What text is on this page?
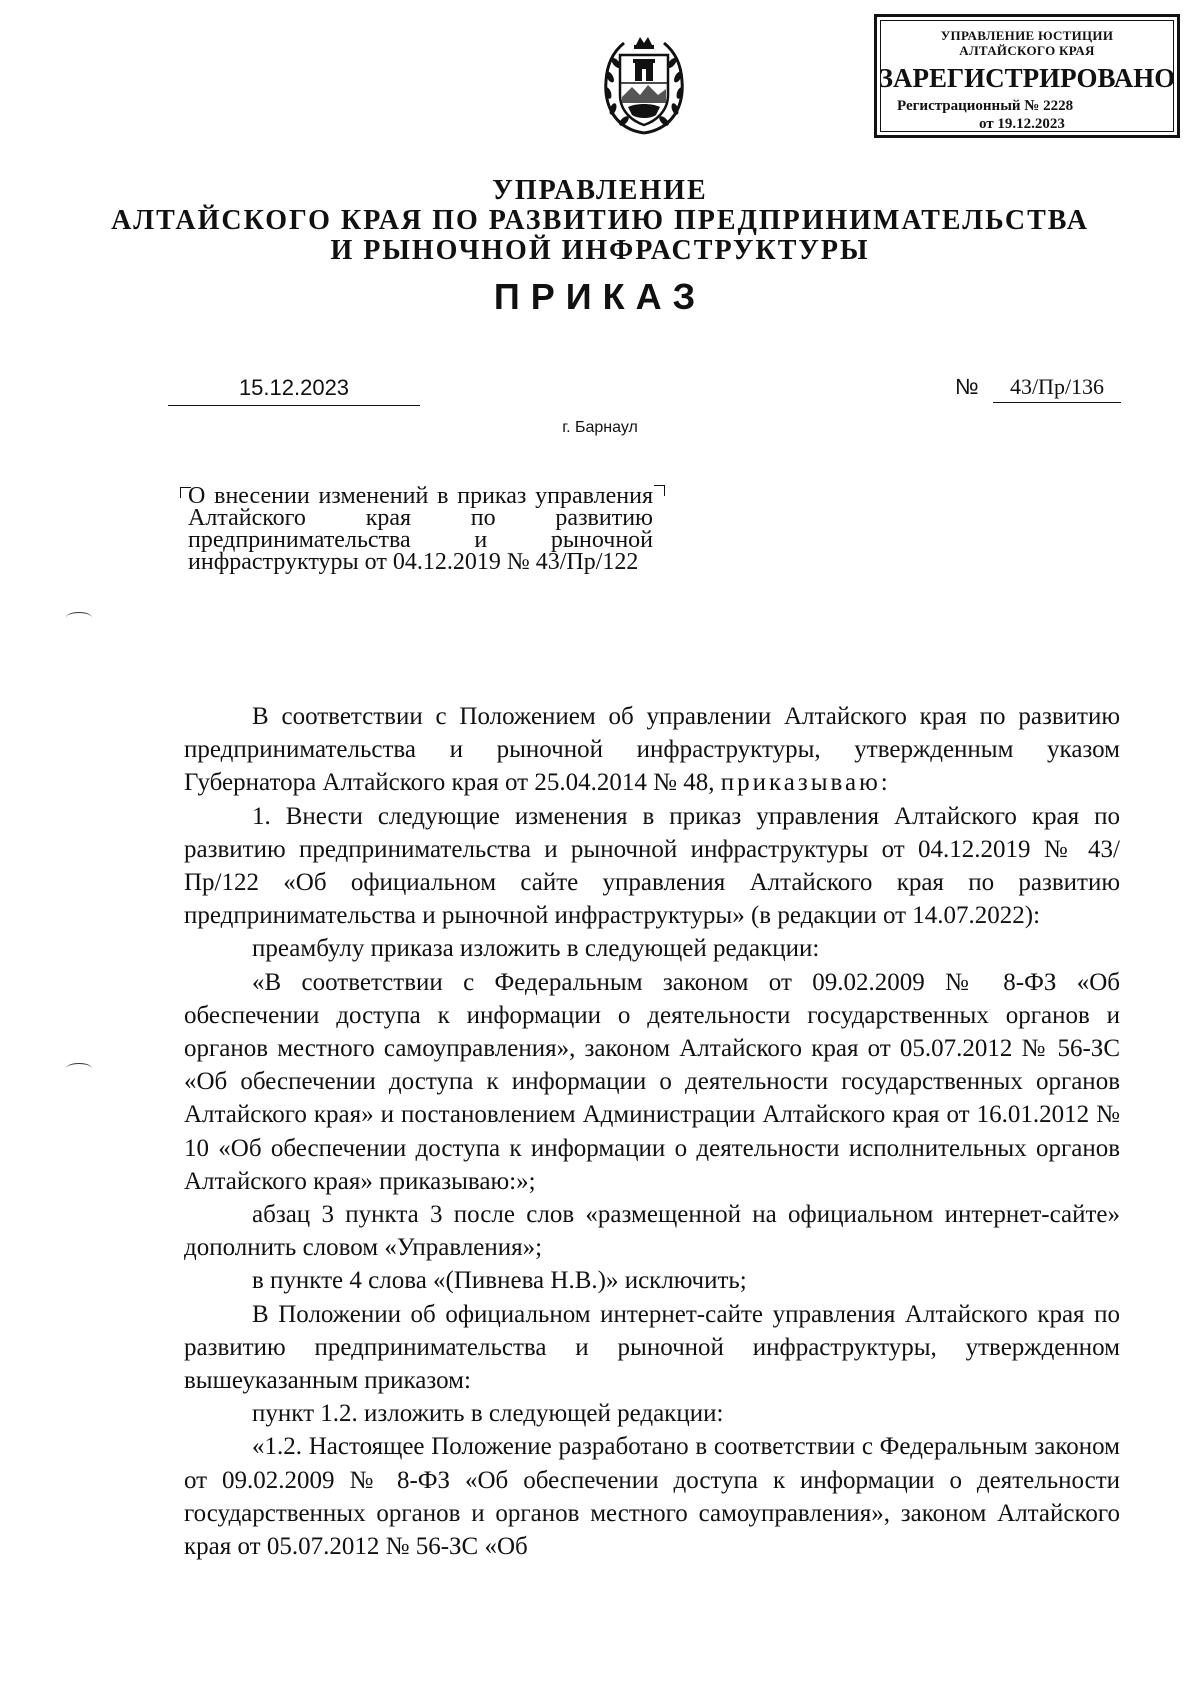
УПРАВЛЕНИЕ ЮСТИЦИИ
АЛТАЙСКОГО КРАЯ
ЗАРЕГИСТРИРОВАНО
Регистрационный № 2228
от 19.12.2023
УПРАВЛЕНИЕ
АЛТАЙСКОГО КРАЯ ПО РАЗВИТИЮ ПРЕДПРИНИМАТЕЛЬСТВА
И РЫНОЧНОЙ ИНФРАСТРУКТУРЫ
ПРИКАЗ
15.12.2023	№	43/Пр/136
г. Барнаул
О внесении изменений в приказ управления Алтайского края по развитию предпринимательства и рыночной инфраструктуры от 04.12.2019 № 43/Пр/122

В соответствии с Положением об управлении Алтайского края по развитию предпринимательства и рыночной инфраструктуры, утвержденным указом Губернатора Алтайского края от 25.04.2014 № 48, приказываю:

1. Внести следующие изменения в приказ управления Алтайского края по развитию предпринимательства и рыночной инфраструктуры от 04.12.2019 № 43/Пр/122 «Об официальном сайте управления Алтайского края по развитию предпринимательства и рыночной инфраструктуры» (в редакции от 14.07.2022):

преамбулу приказа изложить в следующей редакции:

«В соответствии с Федеральным законом от 09.02.2009 № 8-ФЗ «Об обеспечении доступа к информации о деятельности государственных органов и органов местного самоуправления», законом Алтайского края от 05.07.2012 № 56-ЗС «Об обеспечении доступа к информации о деятельности государственных органов Алтайского края» и постановлением Администрации Алтайского края от 16.01.2012 № 10 «Об обеспечении доступа к информации о деятельности исполнительных органов Алтайского края» приказываю:»;

абзац 3 пункта 3 после слов «размещенной на официальном интернет-сайте» дополнить словом «Управления»;

в пункте 4 слова «(Пивнева Н.В.)» исключить;

В Положении об официальном интернет-сайте управления Алтайского края по развитию предпринимательства и рыночной инфраструктуры, утвержденном вышеуказанным приказом:

пункт 1.2. изложить в следующей редакции:

«1.2. Настоящее Положение разработано в соответствии с Федеральным законом от 09.02.2009 № 8-ФЗ «Об обеспечении доступа к информации о деятельности государственных органов и органов местного самоуправления», законом Алтайского края от 05.07.2012 № 56-ЗС «Об
